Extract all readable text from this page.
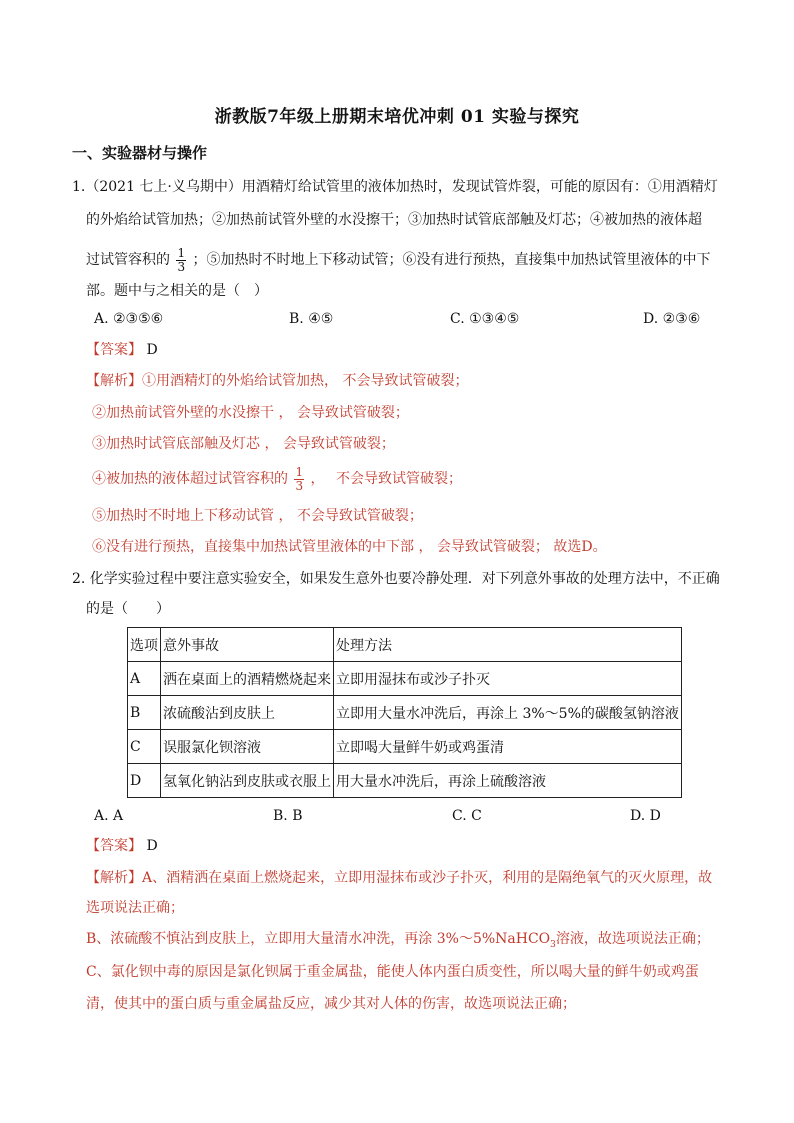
浙教版7年级上册期末培优冲刺 01 实验与探究
一、实验器材与操作
1.（2021 七上·义乌期中）用酒精灯给试管里的液体加热时，发现试管炸裂，可能的原因有：①用酒精灯
的外焰给试管加热；②加热前试管外壁的水没擦干；③加热时试管底部触及灯芯；④被加热的液体超
过试管容积的 $\frac{1}{3}$ ；⑤加热时不时地上下移动试管；⑥没有进行预热，直接集中加热试管里液体的中下
部。题中与之相关的是（　）
A. ②③⑤⑥	B. ④⑤	C. ①③④⑤	D. ②③⑥
【答案】 D
【解析】①用酒精灯的外焰给试管加热， 不会导致试管破裂；
②加热前试管外壁的水没擦干 ， 会导致试管破裂；
③加热时试管底部触及灯芯 ， 会导致试管破裂；
④被加热的液体超过试管容积的 $\frac{1}{3}$ ，　 不会导致试管破裂；
⑤加热时不时地上下移动试管 ， 不会导致试管破裂；
⑥没有进行预热，直接集中加热试管里液体的中下部 ， 会导致试管破裂； 故选D。
2. 化学实验过程中要注意实验安全，如果发生意外也要冷静处理．对下列意外事故的处理方法中，不正确
的是（　　）
选项	意外事故	处理方法
A	洒在桌面上的酒精燃烧起来	立即用湿抹布或沙子扑灭
B	浓硫酸沾到皮肤上	立即用大量水冲洗后，再涂上 3%～5%的碳酸氢钠溶液
C	误服氯化钡溶液	立即喝大量鲜牛奶或鸡蛋清
D	氢氧化钠沾到皮肤或衣服上	用大量水冲洗后，再涂上硫酸溶液
A. A	B. B	C. C	D. D
【答案】 D
【解析】A、酒精洒在桌面上燃烧起来，立即用湿抹布或沙子扑灭，利用的是隔绝氧气的灭火原理，故
选项说法正确；
B、浓硫酸不慎沾到皮肤上，立即用大量清水冲洗，再涂 3%～5%NaHCO$_3$溶液，故选项说法正确；
C、氯化钡中毒的原因是氯化钡属于重金属盐，能使人体内蛋白质变性，所以喝大量的鲜牛奶或鸡蛋
清，使其中的蛋白质与重金属盐反应，减少其对人体的伤害，故选项说法正确；
